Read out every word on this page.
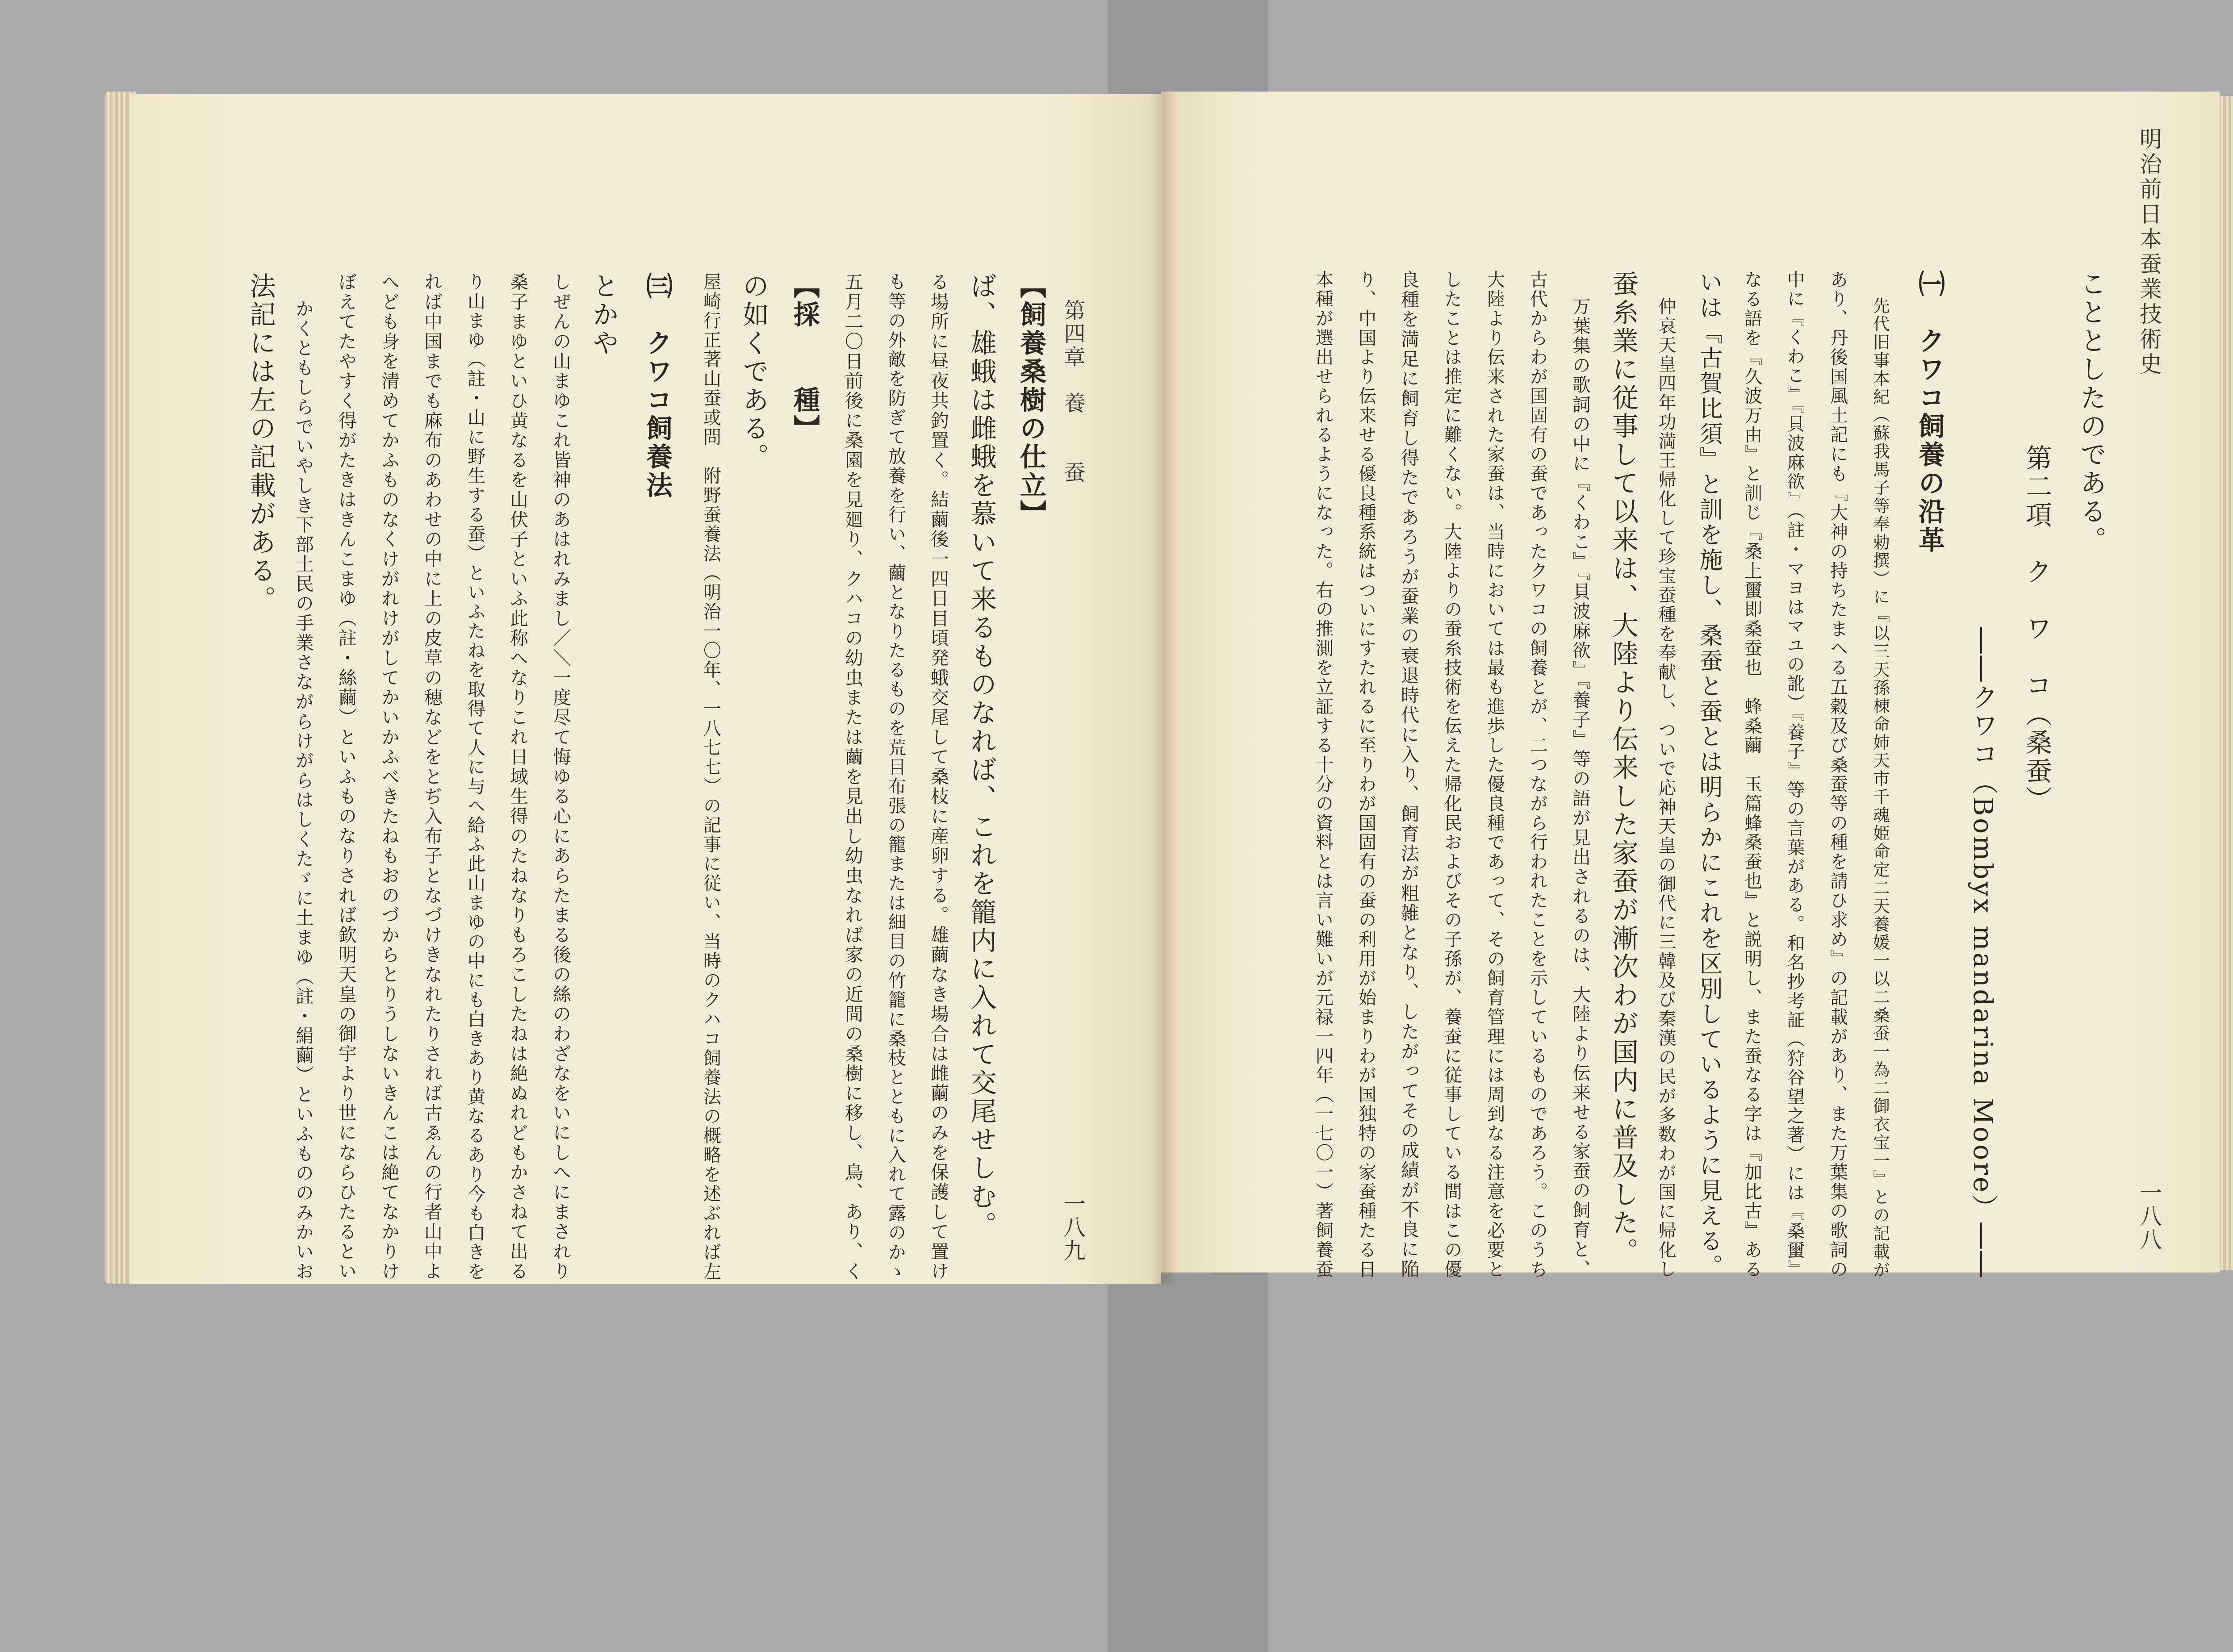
法記には左の記載がある。 かくともしらでいやしき下部土民の手業さながらけがらはしくたゞに土まゆ（註・絹繭）といふもののみかいお	ぼえてたやすく得がたきはきんこまゆ（註・絲繭）といふものなりされば欽明天皇の御宇より世にならひたるとい	へども身を清めてかふものなくけがれけがしてかいかふべきたねもおのづからとりうしないきんこは絶てなかりけ	れば中国までも麻布のあわせの中に上の皮草の穂などをとぢ入布子となづけきなれたりされば古ゑんの行者山中よ	り山まゆ（註・山に野生する蚕）といふたねを取得て人に与へ給ふ此山まゆの中にも白きあり黄なるあり今も白きを	桑子まゆといひ黄なるを山伏子といふ此称へなりこれ日域生得のたねなりもろこしたねは絶ぬれどもかさねて出る	しぜんの山まゆこれ皆神のあはれみまし／＼一度尽て悔ゆる心にあらたまる後の絲のわざなをいにしへにまされり とかや ㈢　クワコ飼養法	屋崎行正著山蚕或問　附野蚕養法（明治一〇年、一八七七）の記事に従い、当時のクハコ飼養法の概略を述ぶれば左 の如くである。 【採　　種】	五月二〇日前後に桑園を見廻り、クハコの幼虫または繭を見出し幼虫なれば家の近間の桑樹に移し、鳥、あり、く	も等の外敵を防ぎて放養を行い、繭となりたるものを荒目布張の籠または細目の竹籠に桑枝とともに入れて露のかゝ	る場所に昼夜共釣置く。結繭後一四日目頃発蛾交尾して桑枝に産卵する。雄繭なき場合は雌繭のみを保護して置け ば、雄蛾は雌蛾を慕いて来るものなれば、これを籠内に入れて交尾せしむ。 【飼養桑樹の仕立】 第四章　養　　蚕
一八九
明治前日本蚕業技術史
一八八
こととしたのである。
第二項　ク　ワ　コ（桑蚕）
――クワコ（Bombyx mandarina Moore）――
㈠　クワコ飼養の沿革
先代旧事本紀（蘇我馬子等奉勅撰）に『以三天孫棟命姉天市千魂姫命定二天養媛一以二桑蚕一為二御衣宝一』との記載が
あり、丹後国風土記にも『大神の持ちたまへる五穀及び桑蚕等の種を請ひ求め』の記載があり、また万葉集の歌詞の
中に『くわこ』『貝波麻欲』（註・マヨはマユの訛）『養子』等の言葉がある。和名抄考証（狩谷望之著）には『桑蠒』
なる語を『久波万由』と訓じ『桑上蠒即桑蚕也　蜂桑繭　玉篇蜂桑蚕也』と説明し、また蚕なる字は『加比古』ある
いは『古賀比須』と訓を施し、桑蚕と蚕とは明らかにこれを区別しているように見える。
仲哀天皇四年功満王帰化して珍宝蚕種を奉献し、ついで応神天皇の御代に三韓及び秦漢の民が多数わが国に帰化し
蚕糸業に従事して以来は、大陸より伝来した家蚕が漸次わが国内に普及した。
万葉集の歌詞の中に『くわこ』『貝波麻欲』『養子』等の語が見出されるのは、大陸より伝来せる家蚕の飼育と、
古代からわが国固有の蚕であったクワコの飼養とが、二つながら行われたことを示しているものであろう。このうち
大陸より伝来された家蚕は、当時においては最も進歩した優良種であって、その飼育管理には周到なる注意を必要と
したことは推定に難くない。大陸よりの蚕糸技術を伝えた帰化民およびその子孫が、養蚕に従事している間はこの優
良種を満足に飼育し得たであろうが蚕業の衰退時代に入り、飼育法が粗雑となり、したがってその成績が不良に陥
り、中国より伝来せる優良種系統はついにすたれるに至りわが国固有の蚕の利用が始まりわが国独特の家蚕種たる日
本種が選出せられるようになった。右の推測を立証する十分の資料とは言い難いが元禄一四年（一七〇一）著飼養蚕
